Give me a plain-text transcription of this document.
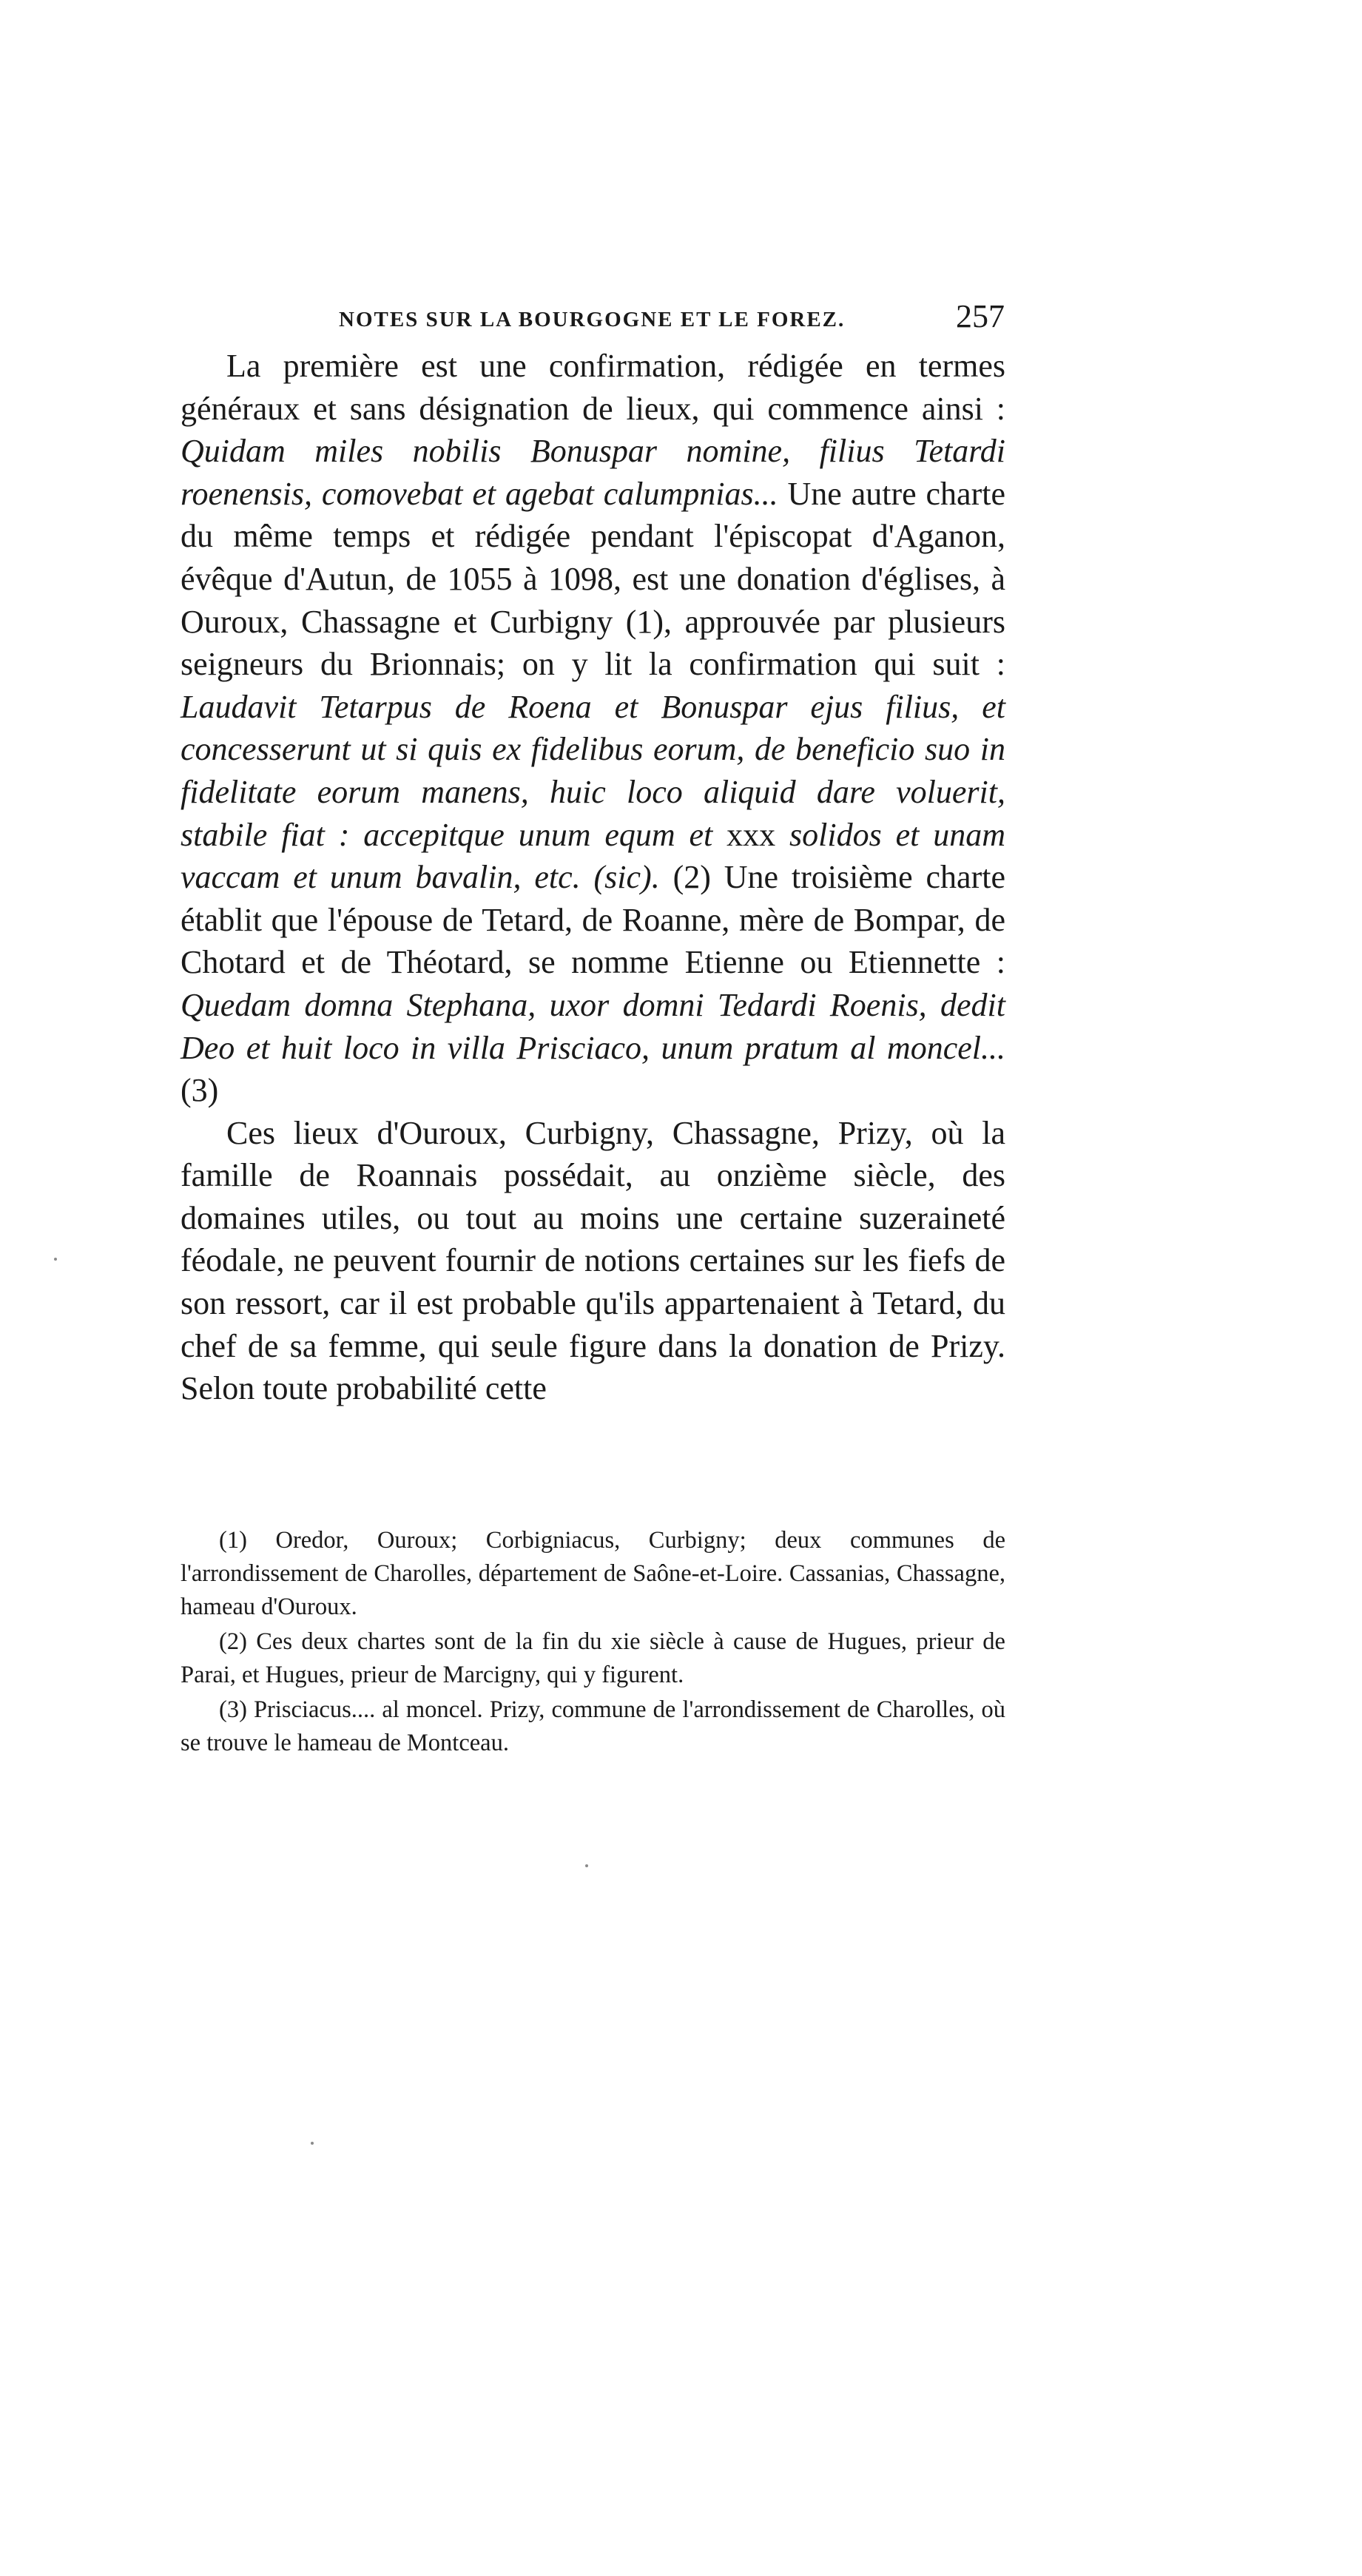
NOTES SUR LA BOURGOGNE ET LE FOREZ.	257

La première est une confirmation, rédigée en termes généraux et sans désignation de lieux, qui commence ainsi : Quidam miles nobilis Bonuspar nomine, filius Tetardi roenensis, comovebat et agebat calumpnias... Une autre charte du même temps et rédigée pendant l'épiscopat d'Aganon, évêque d'Autun, de 1055 à 1098, est une donation d'églises, à Ouroux, Chassagne et Curbigny (1), approuvée par plusieurs seigneurs du Brionnais; on y lit la confirmation qui suit : Laudavit Tetarpus de Roena et Bonuspar ejus filius, et concesserunt ut si quis ex fidelibus eorum, de beneficio suo in fidelitate eorum manens, huic loco aliquid dare voluerit, stabile fiat : accepitque unum equm et xxx solidos et unam vaccam et unum bavalin, etc. (sic). (2) Une troisième charte établit que l'épouse de Tetard, de Roanne, mère de Bompar, de Chotard et de Théotard, se nomme Etienne ou Etiennette : Quedam domna Stephana, uxor domni Tedardi Roenis, dedit Deo et huit loco in villa Prisciaco, unum pratum al moncel... (3)

Ces lieux d'Ouroux, Curbigny, Chassagne, Prizy, où la famille de Roannais possédait, au onzième siècle, des domaines utiles, ou tout au moins une certaine suzeraineté féodale, ne peuvent fournir de notions certaines sur les fiefs de son ressort, car il est probable qu'ils appartenaient à Tetard, du chef de sa femme, qui seule figure dans la donation de Prizy. Selon toute probabilité cette

(1) Oredor, Ouroux; Corbigniacus, Curbigny; deux communes de l'arrondissement de Charolles, département de Saône-et-Loire. Cassanias, Chassagne, hameau d'Ouroux.

(2) Ces deux chartes sont de la fin du xie siècle à cause de Hugues, prieur de Parai, et Hugues, prieur de Marcigny, qui y figurent.

(3) Prisciacus.... al moncel. Prizy, commune de l'arrondissement de Charolles, où se trouve le hameau de Montceau.
